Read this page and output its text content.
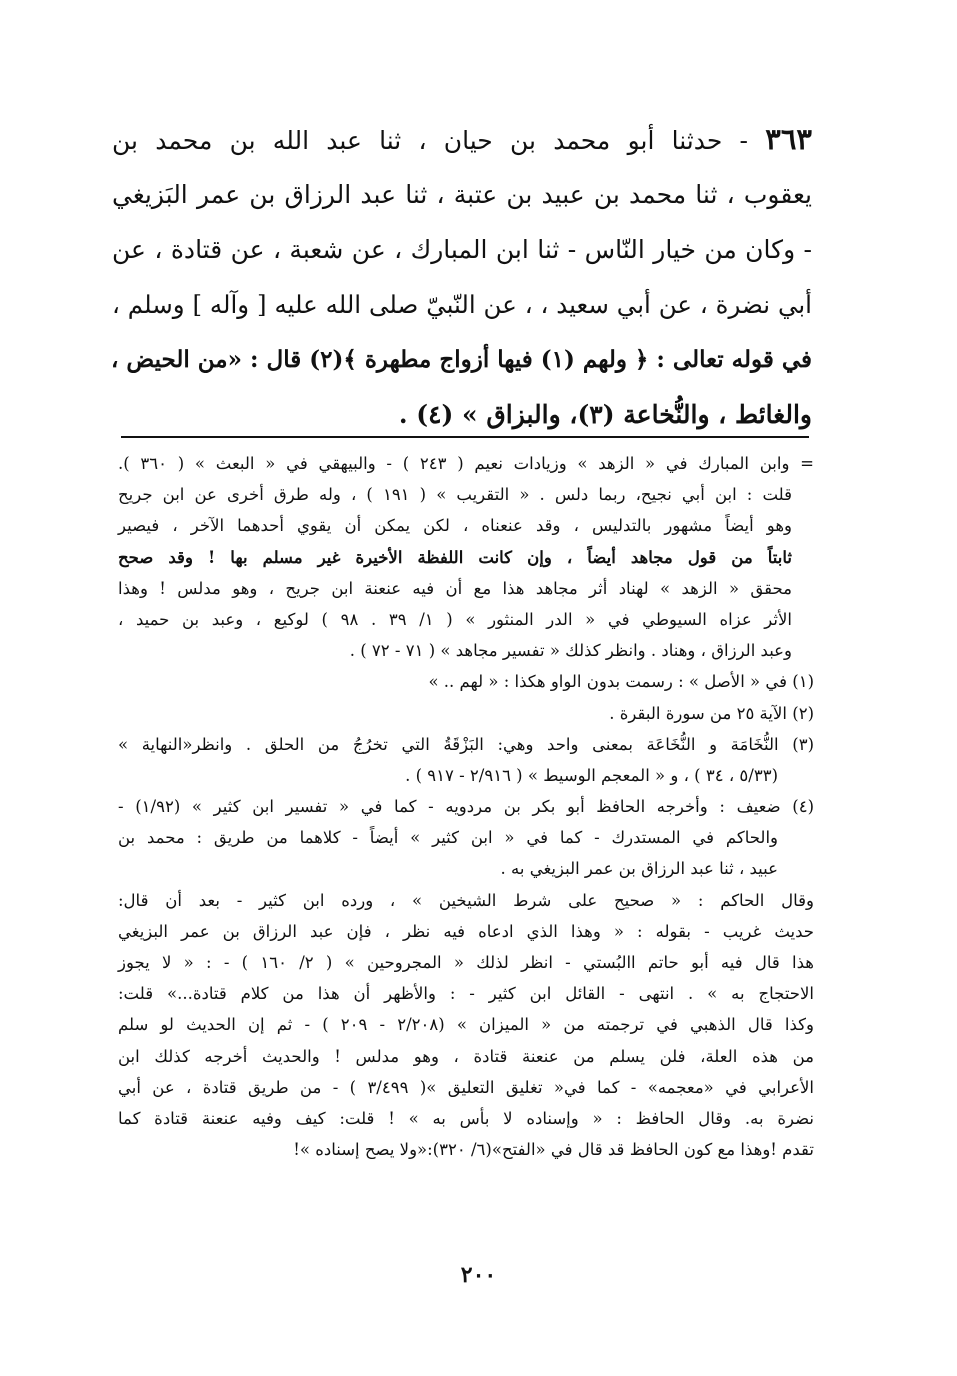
٣٦٣ - حدثنا أبو محمد بن حيان ، ثنا عبد الله بن محمد بن
يعقوب ، ثنا محمد بن عبيد بن عتبة ، ثنا عبد الرزاق بن عمر البَزيغي
- وكان من خيار النّاس - ثنا ابن المبارك ، عن شعبة ، عن قتادة ، عن
أبي نضرة ، عن أبي سعيد ، ، عن النّبيّ صلى الله عليه [ وآله ] وسلم ،
في قوله تعالى : ﴿ ولهم (١) فيها أزواج مطهرة ﴾(٢) قال : «من الحيض ،
والغائط ، والنُّخاعة (٣)، والبزاق » (٤) .
= وابن المبارك في « الزهد » وزيادات نعيم ( ٢٤٣ ) - والبيهقي في « البعث » ( ٣٦٠ ).
قلت : ابن أبي نجيح، ربما دلس . « التقريب » ( ١٩١ ) ، وله طرق أخرى عن ابن جريح
وهو أيضاً مشهور بالتدليس ، وقد عنعناه ، لكن يمكن أن يقوي أحدهما الآخر ، فيصير
ثابتاً من قول مجاهد أيضاً ، وإن كانت اللفظة الأخيرة غير مسلم بها ! وقد صحح
محقق « الزهد » لهناد أثر مجاهد هذا مع أن فيه عنعنة ابن جريح ، وهو مدلس ! وهذا
الأثر عزاه السيوطي في « الدر المنثور » ( ١/ ٣٩ . ٩٨ ) لوكيع ، وعبد بن حميد ،
وعبد الرزاق ، وهناد . وانظر كذلك « تفسير مجاهد » ( ٧١ - ٧٢ ) .
(١) في « الأصل » : رسمت بدون الواو هكذا : « لهم .. »
(٢) الآية ٢٥ من سورة البقرة .
(٣) النُّخَامَة و النُّخَاعَة بمعنى واحد وهي: البَزْقَةُ التي تخرُجُ من الحلق . وانظر«النهاية »
(٥/٣٣ ، ٣٤ ) ، و « المعجم الوسيط » ( ٢/٩١٦ - ٩١٧ ) .
(٤) ضعيف : وأخرجه الحافظ أبو بكر بن مردويه - كما في « تفسير ابن كثير » (١/٩٢) -
والحاكم في المستدرك - كما في « ابن كثير » أيضاً - كلاهما من طريق : محمد بن
عبيد ، ثنا عبد الرزاق بن عمر البزيغي به .
وقال الحاكم : « صحيح على شرط الشيخين » ، ورده ابن كثير - بعد أن قال:
حديث غريب - بقوله : « وهذا الذي ادعاه فيه نظر ، فإن عبد الرزاق بن عمر البزيغي
هذا قال فيه أبو حاتم االبُستي - انظر لذلك « المجروحين » ( ٢/ ١٦٠ ) - : « لا يجوز
الاحتجاج به » . انتهى - القائل ابن كثير - : والأظهر أن هذا من كلام قتادة...» قلت:
وكذا قال الذهبي في ترجمته من « الميزان » (٢/٢٠٨ - ٢٠٩ ) - ثم إن الحديث لو سلم
من هذه العلة، فلن يسلم من عنعنة قتادة ، وهو مدلس ! والحديث أخرجه كذلك ابن
الأعرابي في «معجمه» - كما في« تغليق التعليق »( ٣/٤٩٩ ) - من طريق قتادة ، عن أبي
نضرة به. وقال الحافظ : « وإسناده لا بأس به » ! قلت: كيف وفيه عنعنة قتادة كما
تقدم !وهذا مع كون الحافظ قد قال في «الفتح»(٦/ ٣٢٠):«ولا يصح إسناده »!
٢٠٠
